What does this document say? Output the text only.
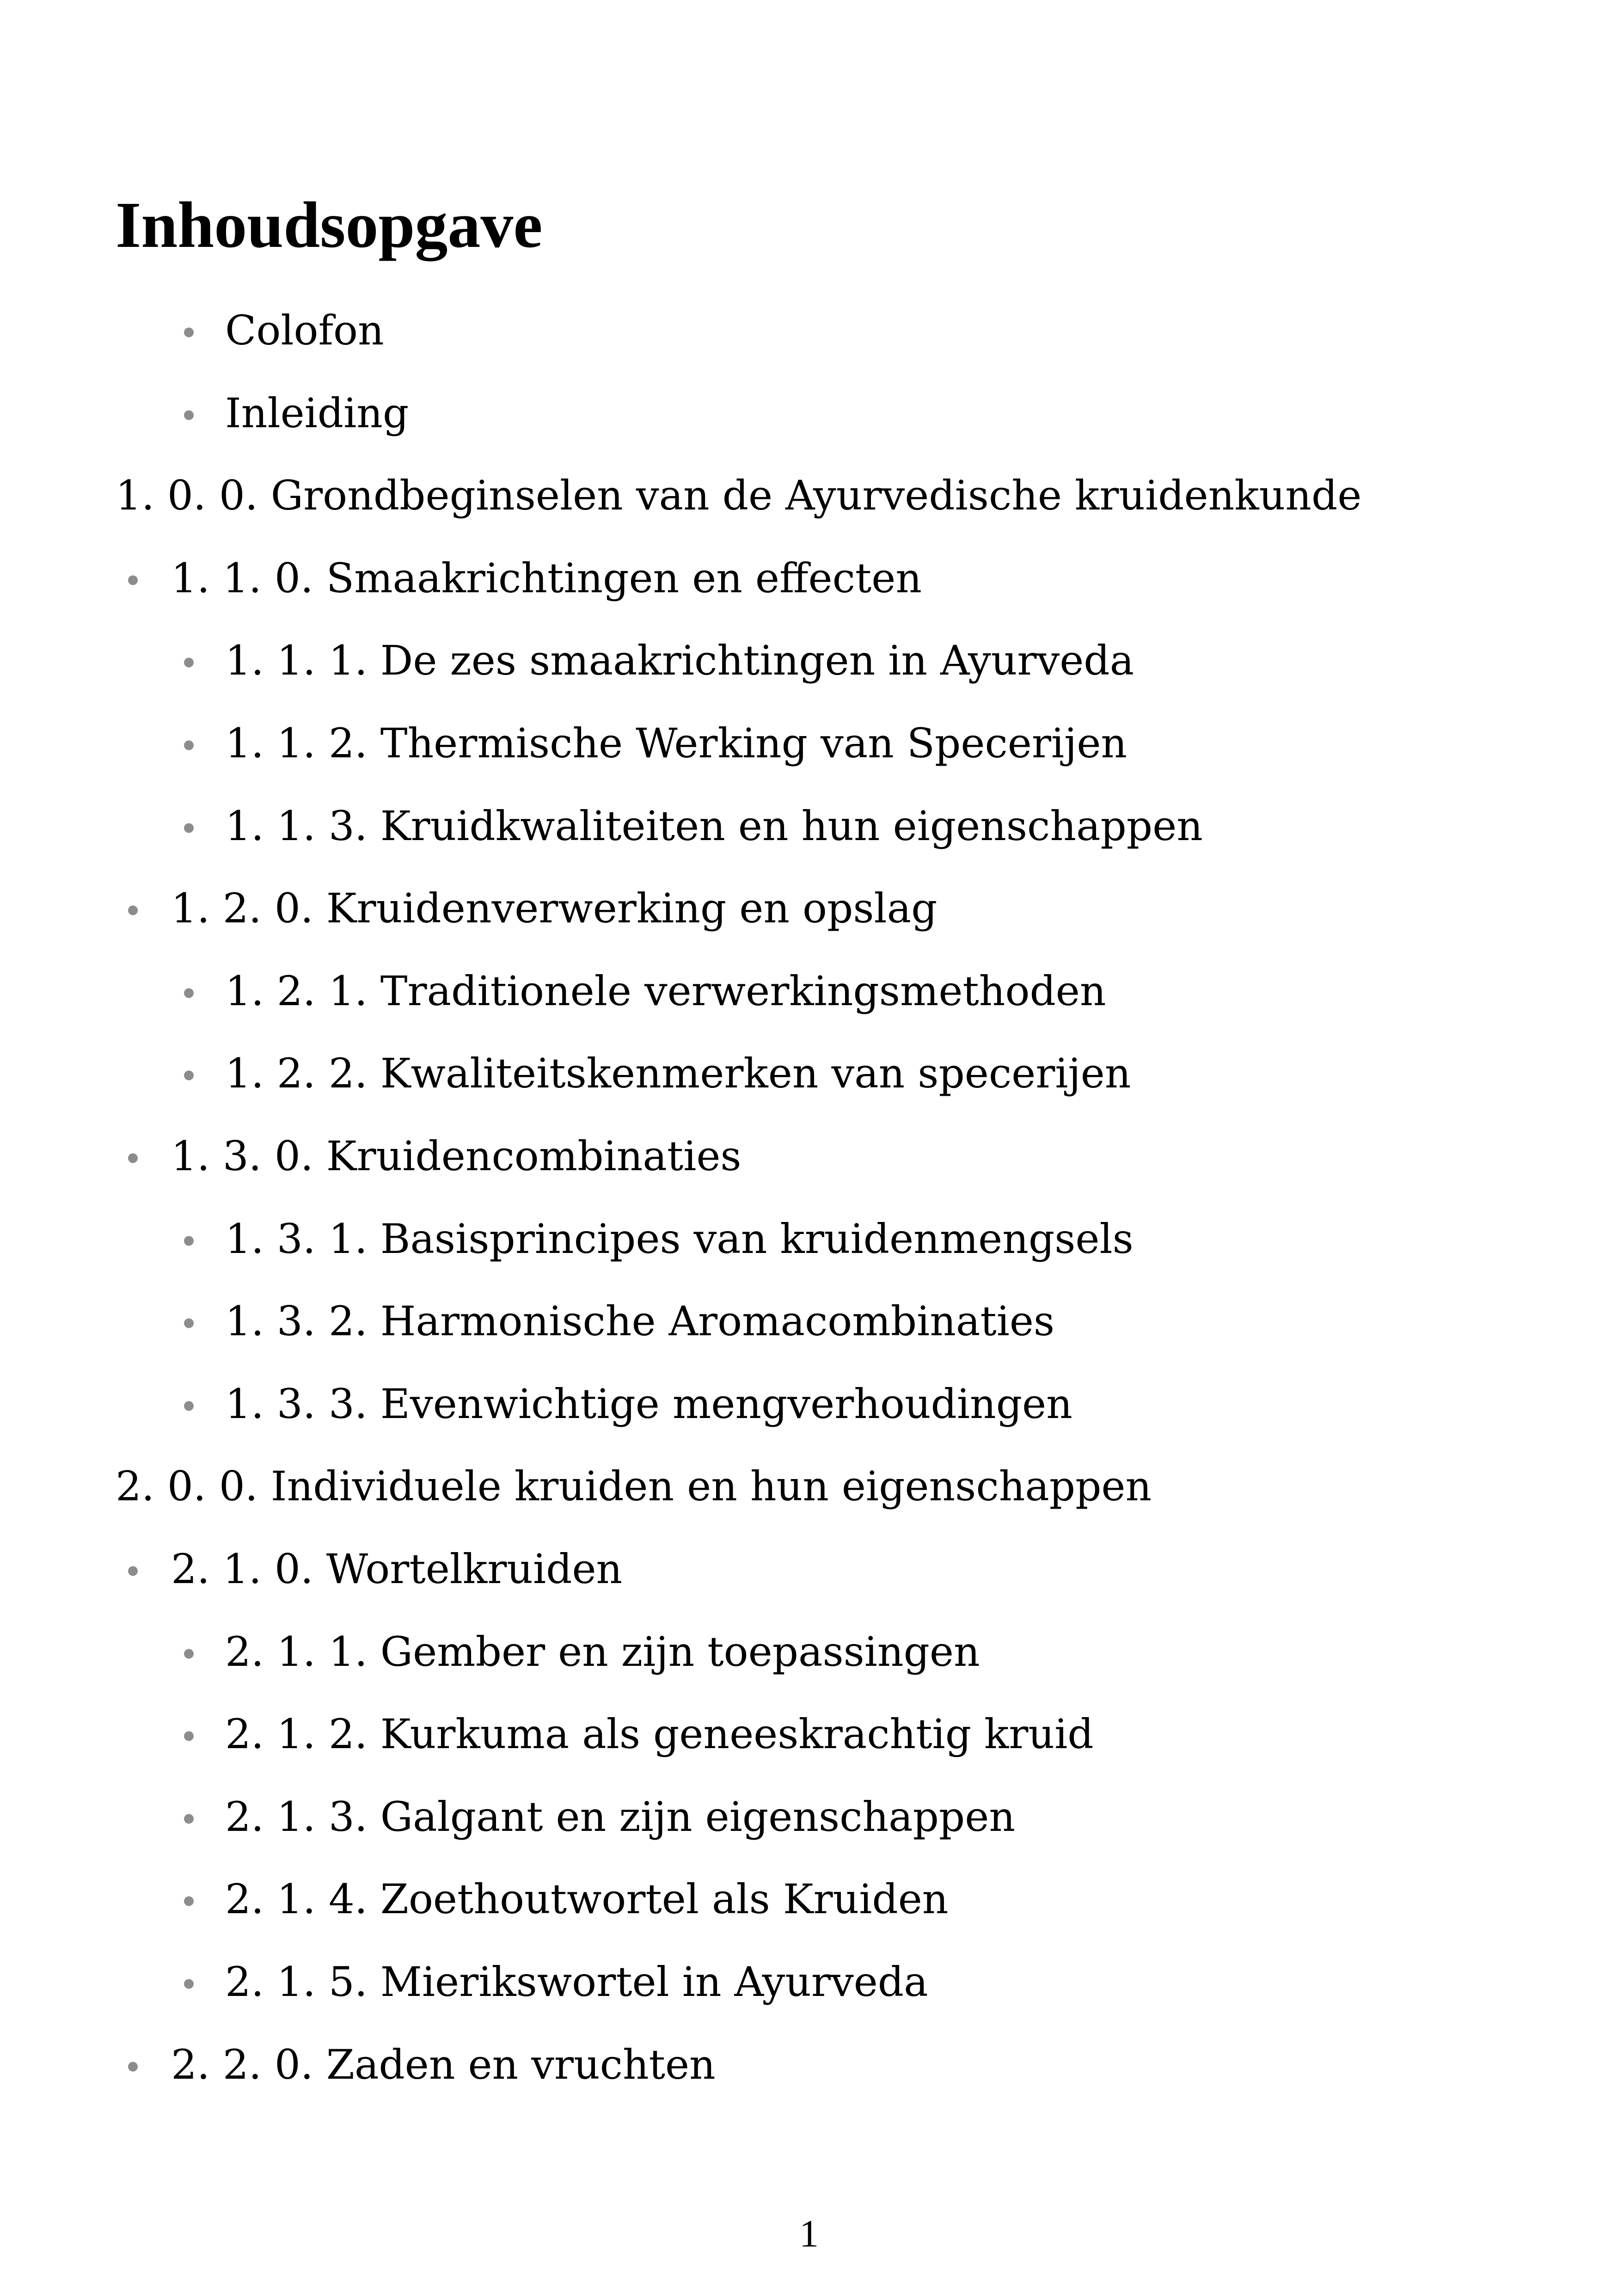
Inhoudsopgave
Colofon
Inleiding
1. 0. 0. Grondbeginselen van de Ayurvedische kruidenkunde
1. 1. 0. Smaakrichtingen en effecten
1. 1. 1. De zes smaakrichtingen in Ayurveda
1. 1. 2. Thermische Werking van Specerijen
1. 1. 3. Kruidkwaliteiten en hun eigenschappen
1. 2. 0. Kruidenverwerking en opslag
1. 2. 1. Traditionele verwerkingsmethoden
1. 2. 2. Kwaliteitskenmerken van specerijen
1. 3. 0. Kruidencombinaties
1. 3. 1. Basisprincipes van kruidenmengsels
1. 3. 2. Harmonische Aromacombinaties
1. 3. 3. Evenwichtige mengverhoudingen
2. 0. 0. Individuele kruiden en hun eigenschappen
2. 1. 0. Wortelkruiden
2. 1. 1. Gember en zijn toepassingen
2. 1. 2. Kurkuma als geneeskrachtig kruid
2. 1. 3. Galgant en zijn eigenschappen
2. 1. 4. Zoethoutwortel als Kruiden
2. 1. 5. Mierikswortel in Ayurveda
2. 2. 0. Zaden en vruchten
1
